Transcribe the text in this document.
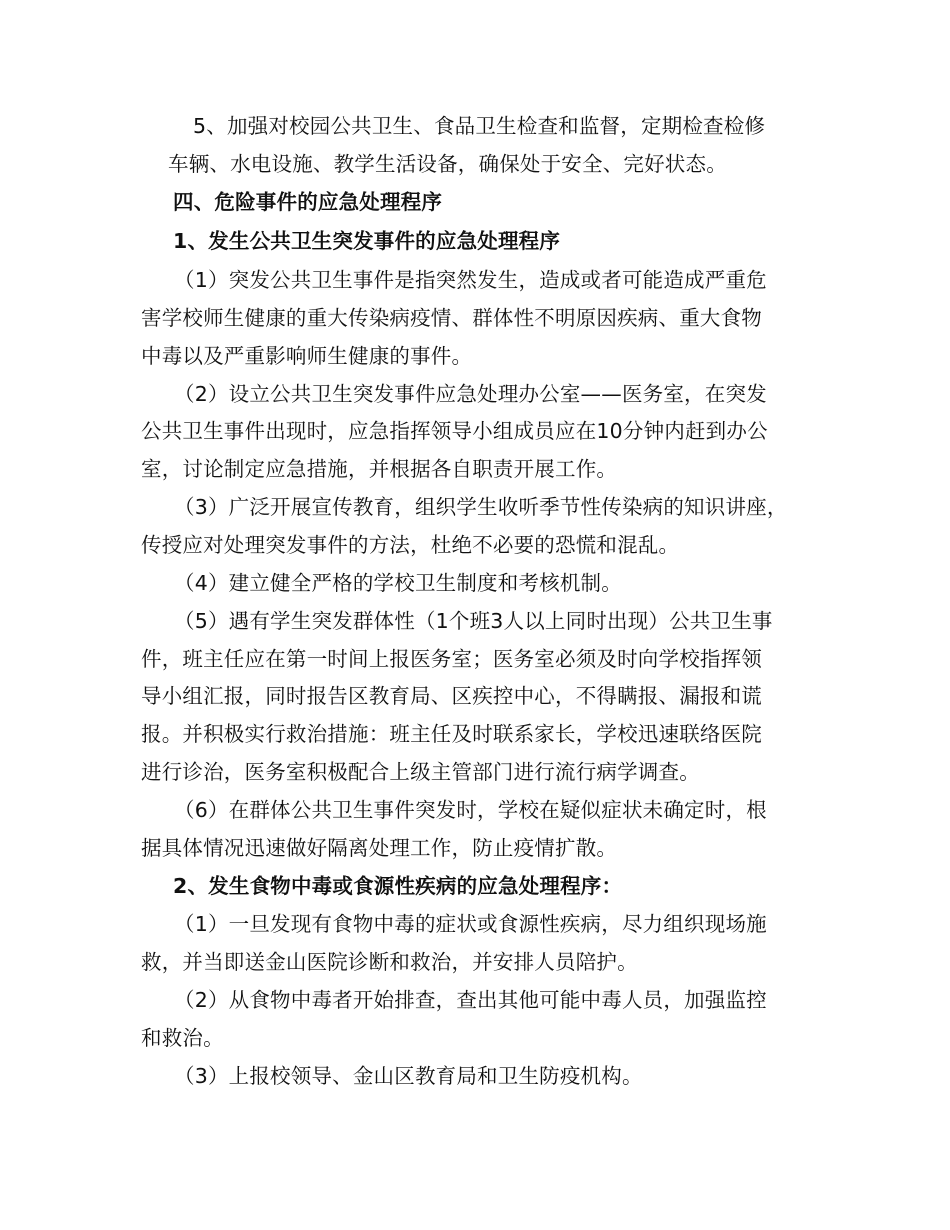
5、加强对校园公共卫生、食品卫生检查和监督，定期检查检修
车辆、水电设施、教学生活设备，确保处于安全、完好状态。
四、危险事件的应急处理程序
1、发生公共卫生突发事件的应急处理程序
（1）突发公共卫生事件是指突然发生，造成或者可能造成严重危
害学校师生健康的重大传染病疫情、群体性不明原因疾病、重大食物
中毒以及严重影响师生健康的事件。
（2）设立公共卫生突发事件应急处理办公室——医务室，在突发
公共卫生事件出现时，应急指挥领导小组成员应在10分钟内赶到办公
室，讨论制定应急措施，并根据各自职责开展工作。
（3）广泛开展宣传教育，组织学生收听季节性传染病的知识讲座，
传授应对处理突发事件的方法，杜绝不必要的恐慌和混乱。
（4）建立健全严格的学校卫生制度和考核机制。
（5）遇有学生突发群体性（1个班3人以上同时出现）公共卫生事
件，班主任应在第一时间上报医务室；医务室必须及时向学校指挥领
导小组汇报，同时报告区教育局、区疾控中心，不得瞒报、漏报和谎
报。并积极实行救治措施：班主任及时联系家长，学校迅速联络医院
进行诊治，医务室积极配合上级主管部门进行流行病学调查。
（6）在群体公共卫生事件突发时，学校在疑似症状未确定时，根
据具体情况迅速做好隔离处理工作，防止疫情扩散。
2、发生食物中毒或食源性疾病的应急处理程序：
（1）一旦发现有食物中毒的症状或食源性疾病，尽力组织现场施
救，并当即送金山医院诊断和救治，并安排人员陪护。
（2）从食物中毒者开始排查，查出其他可能中毒人员，加强监控
和救治。
（3）上报校领导、金山区教育局和卫生防疫机构。
